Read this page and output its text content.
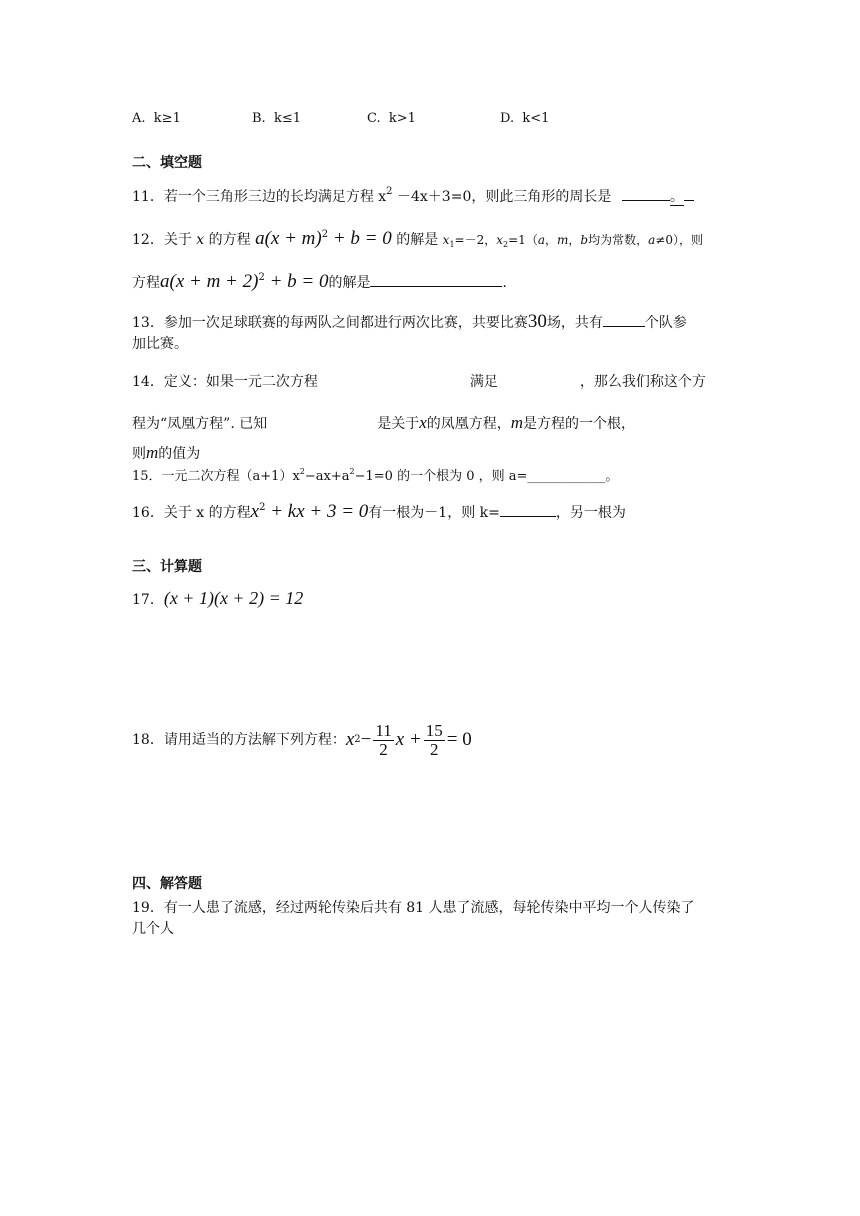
A. k≥1	B. k≤1	C. k>1	D. k<1
二、填空题
11．若一个三角形三边的长均满足方程 $x^2 -4x+3=0$，则此三角形的周长是	。
12．关于 x 的方程 $a(x + m)^2 + b = 0$ 的解是 $x_1=-2$，$x_2=1(a$，m，b均为常数，a≠0），则
方程$a(x + m + 2)^2 + b = 0$的解是	.
13．参加一次足球联赛的每两队之间都进行两次比赛，共要比赛30场，共有	个队参
加比赛。
14．定义：如果一元二次方程	满足	，那么我们称这个方
程为“凤凰方程”. 已知	是关于x的凤凰方程，m是方程的一个根，
则m的值为
15．一元二次方程$(a+1)x^2-ax+a^2-1=0$ 的一个根为 0 ，则 a=____________。
16．关于 x 的方程$x^2$ + kx + 3 = 0有一根为－1，则 k=	，另一根为
三、计算题
17．(x + 1)(x + 2) = 12
18．请用适当的方法解下列方程： x $2 - \frac{11}{2}$ $x + \frac{15}{2} = 0$
四、解答题
19．有一人患了流感，经过两轮传染后共有 81 人患了流感，每轮传染中平均一个人传染了
几个人
